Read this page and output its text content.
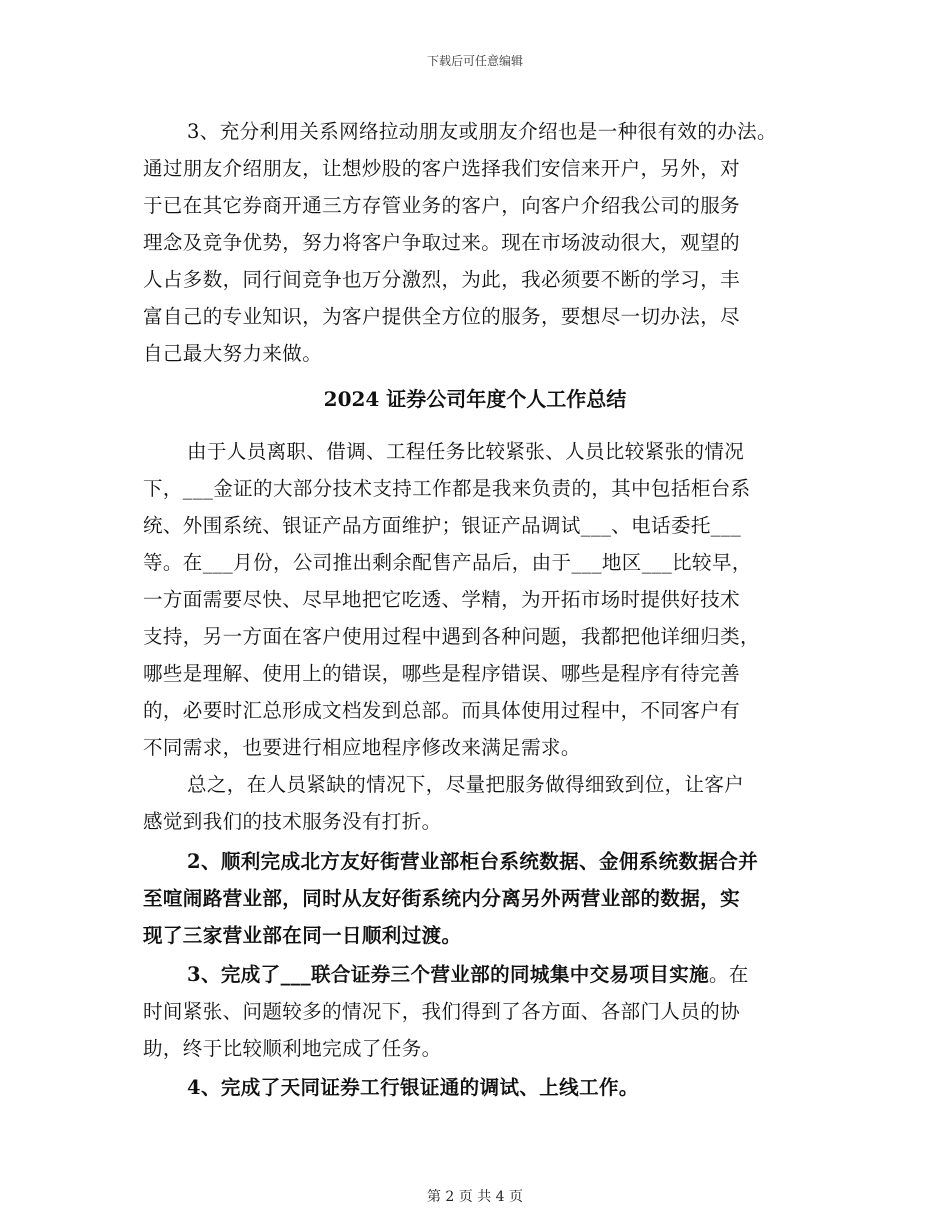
下载后可任意编辑
3、充分利用关系网络拉动朋友或朋友介绍也是一种很有效的办法。
通过朋友介绍朋友，让想炒股的客户选择我们安信来开户，另外，对
于已在其它券商开通三方存管业务的客户，向客户介绍我公司的服务
理念及竞争优势，努力将客户争取过来。现在市场波动很大，观望的
人占多数，同行间竞争也万分激烈，为此，我必须要不断的学习，丰
富自己的专业知识，为客户提供全方位的服务，要想尽一切办法，尽
自己最大努力来做。
2024 证券公司年度个人工作总结
由于人员离职、借调、工程任务比较紧张、人员比较紧张的情况
下，___金证的大部分技术支持工作都是我来负责的，其中包括柜台系
统、外围系统、银证产品方面维护；银证产品调试___、电话委托___
等。在___月份，公司推出剩余配售产品后，由于___地区___比较早，
一方面需要尽快、尽早地把它吃透、学精，为开拓市场时提供好技术
支持，另一方面在客户使用过程中遇到各种问题，我都把他详细归类，
哪些是理解、使用上的错误，哪些是程序错误、哪些是程序有待完善
的，必要时汇总形成文档发到总部。而具体使用过程中，不同客户有
不同需求，也要进行相应地程序修改来满足需求。
总之，在人员紧缺的情况下，尽量把服务做得细致到位，让客户
感觉到我们的技术服务没有打折。
2、顺利完成北方友好街营业部柜台系统数据、金佣系统数据合并
至喧闹路营业部，同时从友好街系统内分离另外两营业部的数据，实
现了三家营业部在同一日顺利过渡。
3、完成了___联合证券三个营业部的同城集中交易项目实施。在
时间紧张、问题较多的情况下，我们得到了各方面、各部门人员的协
助，终于比较顺利地完成了任务。
4、完成了天同证券工行银证通的调试、上线工作。
第 2 页 共 4 页
